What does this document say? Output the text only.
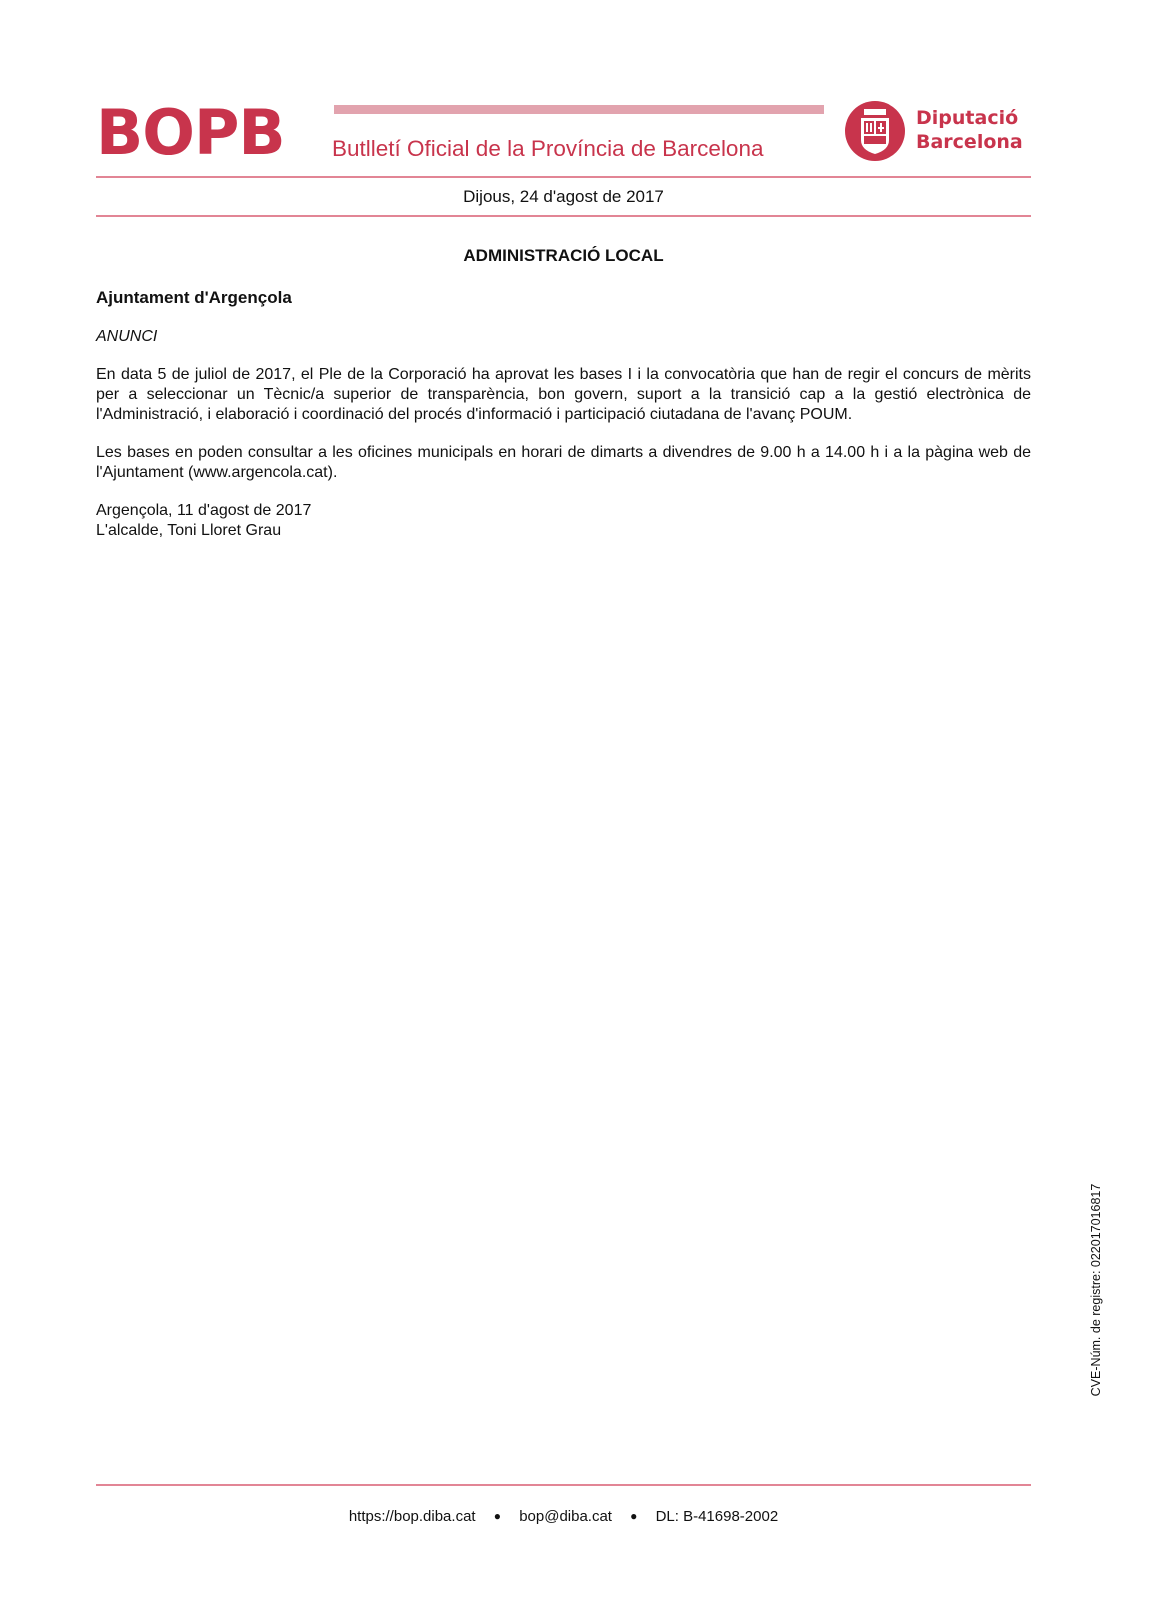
BOPB Butlletí Oficial de la Província de Barcelona
Diputació
Barcelona
Dijous, 24 d'agost de 2017
ADMINISTRACIÓ LOCAL

Ajuntament d'Argençola

ANUNCI

En data 5 de juliol de 2017, el Ple de la Corporació ha aprovat les bases I i la convocatòria que han de regir el concurs de mèrits per a seleccionar un Tècnic/a superior de transparència, bon govern, suport a la transició cap a la gestió electrònica de l'Administració, i elaboració i coordinació del procés d'informació i participació ciutadana de l'avanç POUM.

Les bases en poden consultar a les oficines municipals en horari de dimarts a divendres de 9.00 h a 14.00 h i a la pàgina web de l'Ajuntament (www.argencola.cat).

Argençola, 11 d'agost de 2017

L'alcalde, Toni Lloret Grau

CVE-Núm. de registre: 022017016817
https://bop.diba.cat ● bop@diba.cat ● DL: B-41698-2002
